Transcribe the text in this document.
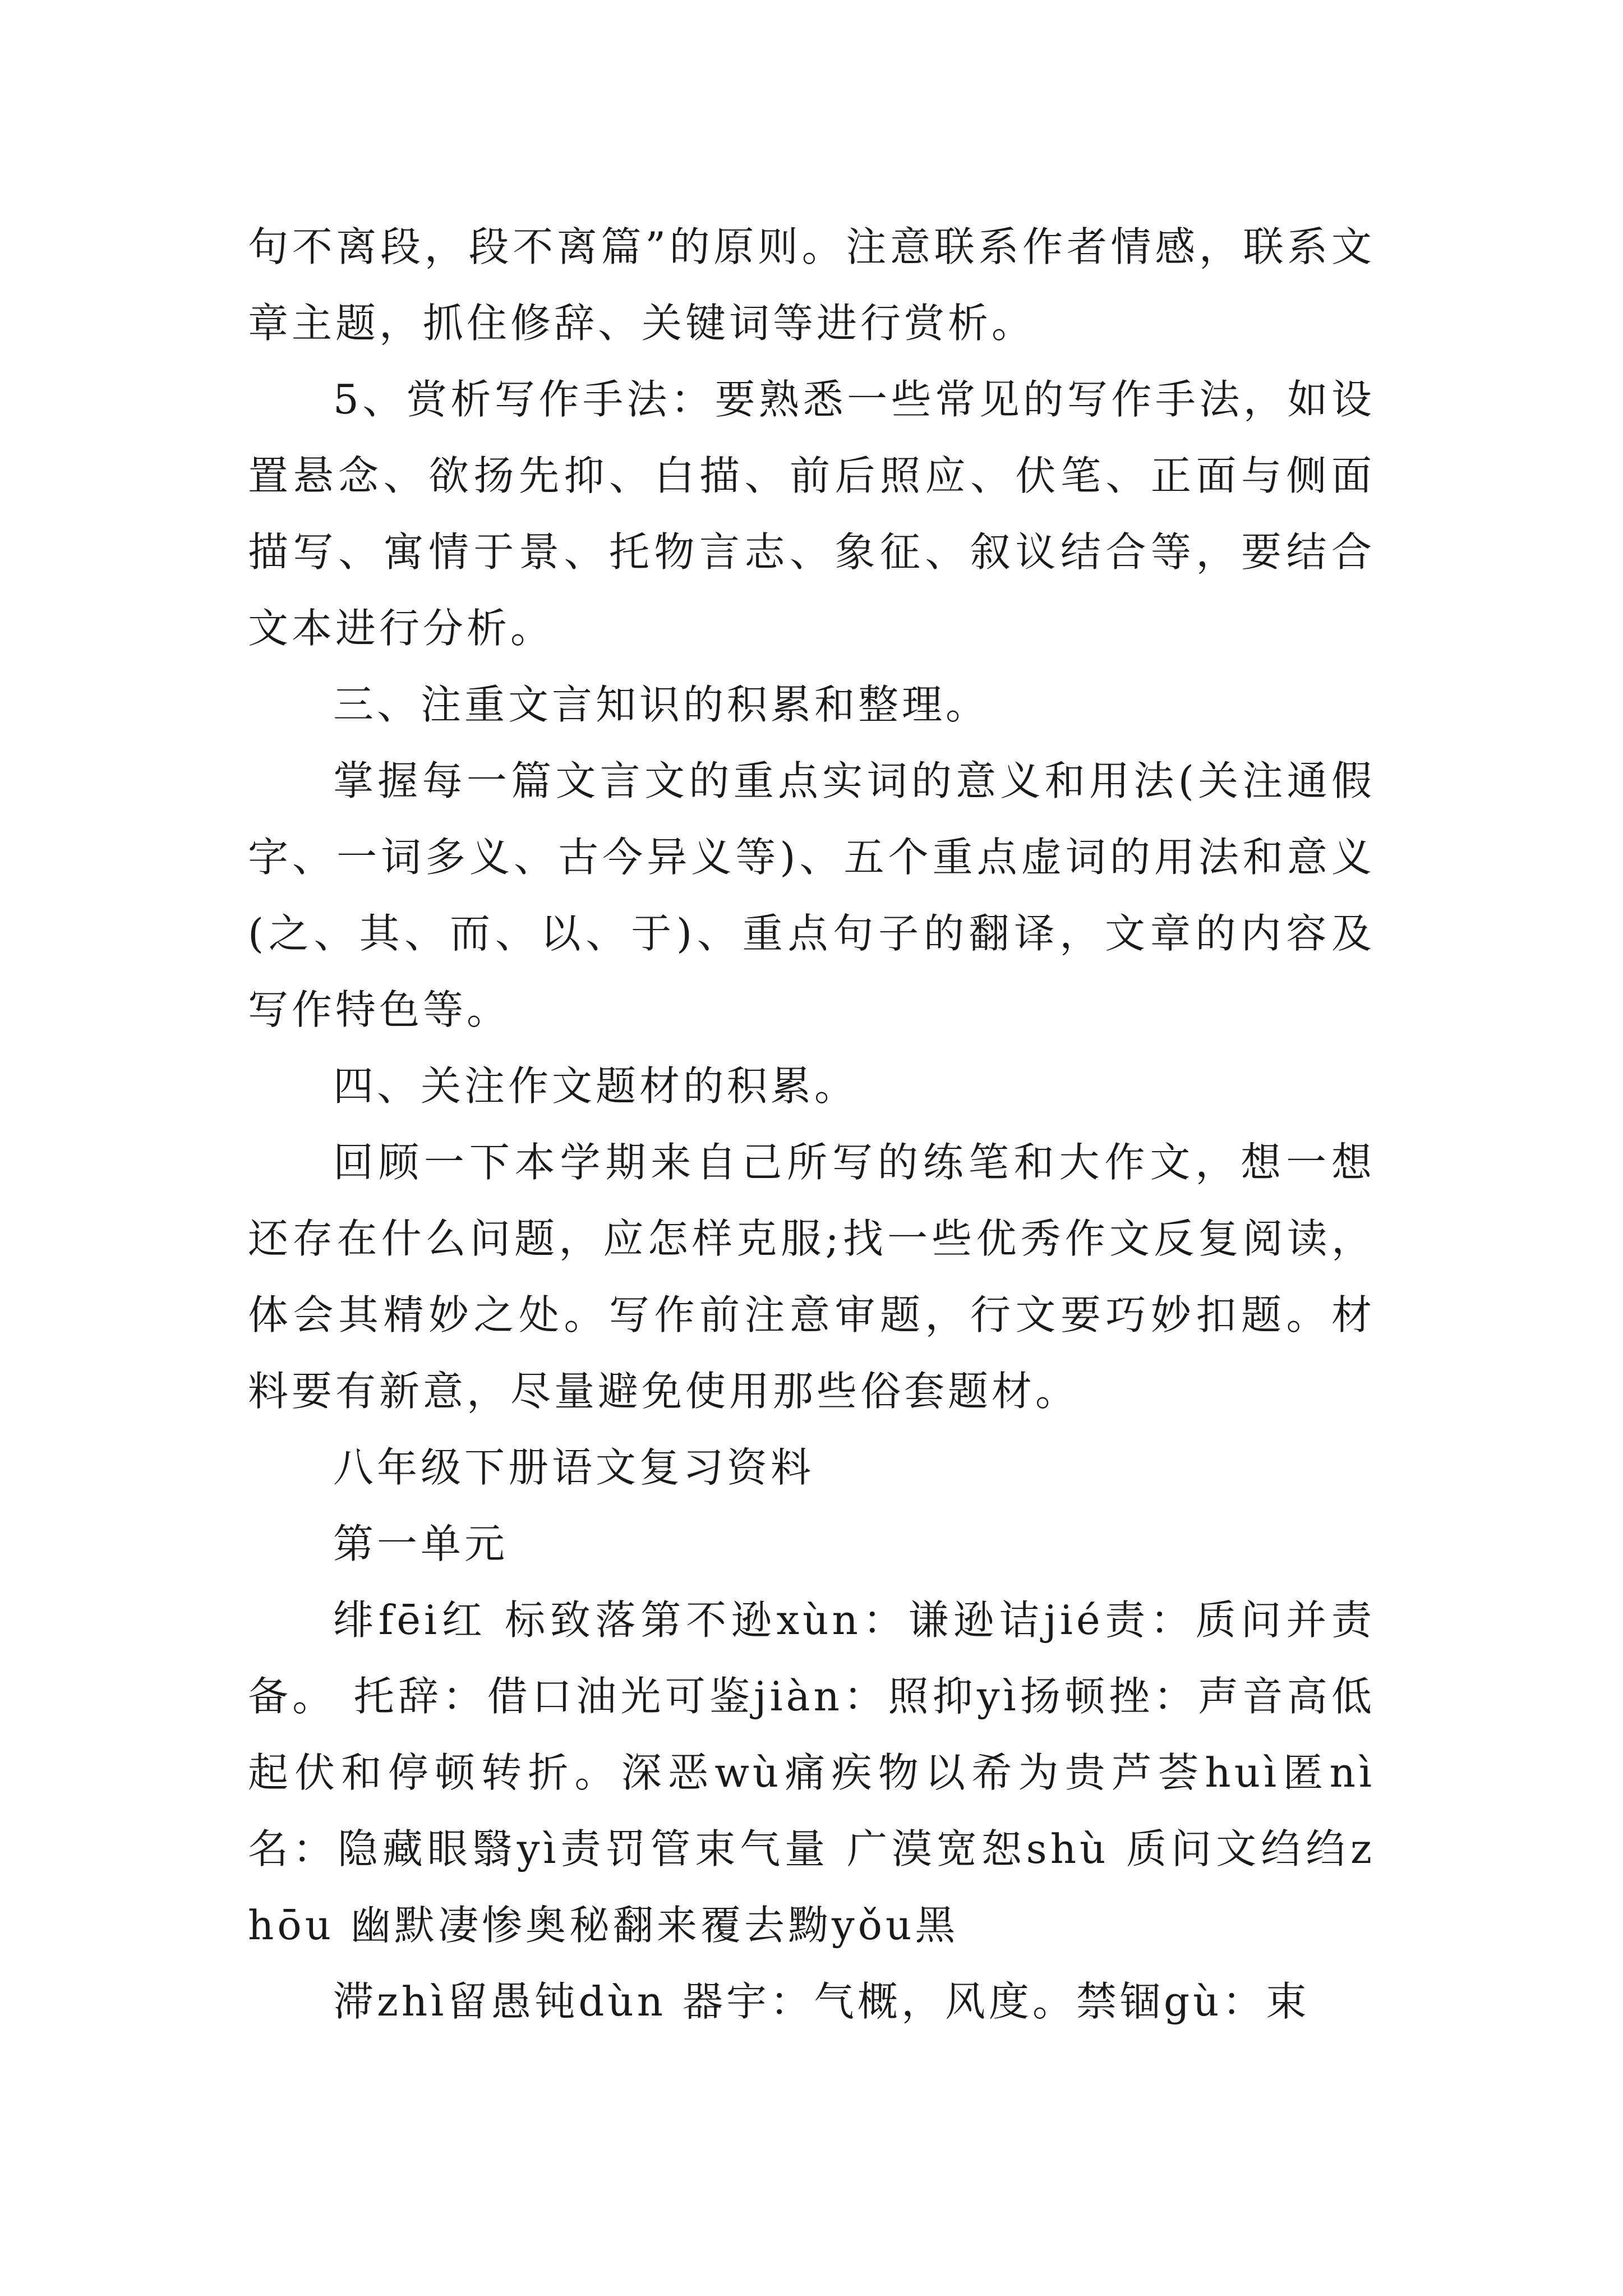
句不离段，段不离篇”的原则。注意联系作者情感，联系文章主题，抓住修辞、关键词等进行赏析。

5、赏析写作手法：要熟悉一些常见的写作手法，如设置悬念、欲扬先抑、白描、前后照应、伏笔、正面与侧面描写、寓情于景、托物言志、象征、叙议结合等，要结合文本进行分析。

三、注重文言知识的积累和整理。

掌握每一篇文言文的重点实词的意义和用法(关注通假字、一词多义、古今异义等)、五个重点虚词的用法和意义(之、其、而、以、于)、重点句子的翻译，文章的内容及写作特色等。

四、关注作文题材的积累。

回顾一下本学期来自己所写的练笔和大作文，想一想还存在什么问题，应怎样克服;找一些优秀作文反复阅读，体会其精妙之处。写作前注意审题，行文要巧妙扣题。材料要有新意，尽量避免使用那些俗套题材。

八年级下册语文复习资料

第一单元

绯fēi红 标致落第不逊xùn：谦逊诘jié责：质问并责备。 托辞：借口油光可鉴jiàn：照抑yì扬顿挫：声音高低起伏和停顿转折。深恶wù痛疾物以希为贵芦荟huì匿nì名：隐藏眼翳yì责罚管束气量 广漠宽恕shù 质问文绉绉zhōu 幽默凄惨奥秘翻来覆去黝yǒu黑

滞zhì留愚钝dùn 器宇：气概，风度。禁锢gù：束
